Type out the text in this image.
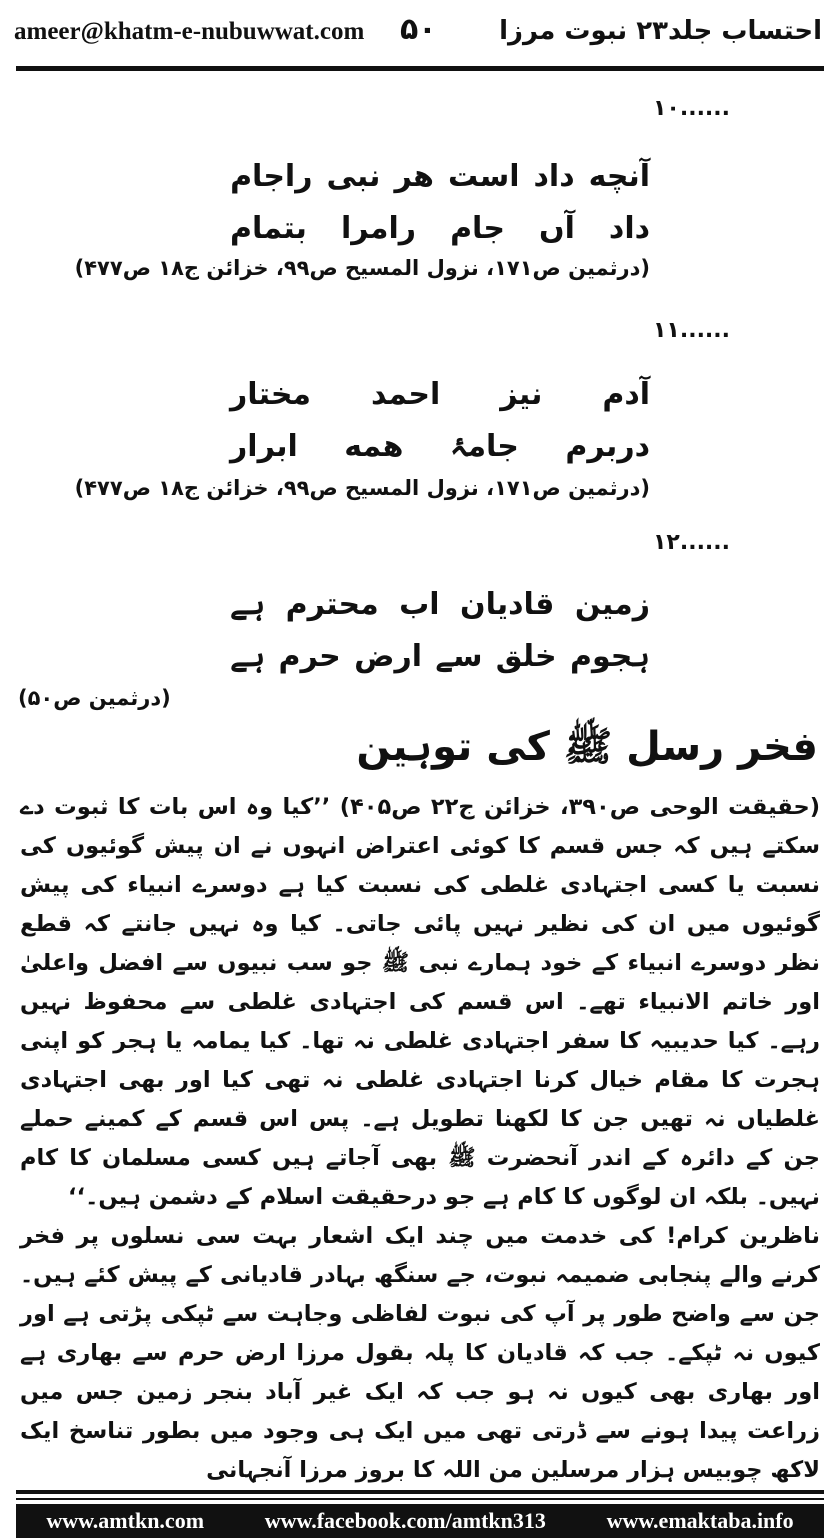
ameer@khatm-e-nubuwwat.com ۵۰ احتساب جلد۲۳ نبوت مرزا
۱۰......
آنچه
داد
است
هر
نبی
راجام
داد
آں
جام
رامرا
بتمام
(درثمین ص۱۷۱، نزول المسیح ص۹۹، خزائن ج۱۸ ص۴۷۷)
۱۱......
آدم
نیز
احمد
مختار
دربرم
جامۂ
همه
ابرار
(درثمین ص۱۷۱، نزول المسیح ص۹۹، خزائن ج۱۸ ص۴۷۷)
۱۲......
زمین
قادیان
اب
محترم
ہے
ہجوم
خلق
سے
ارض
حرم
ہے
(درثمین ص۵۰)
فخر رسل ﷺ کی توہین

(حقیقت الوحی ص۳۹۰، خزائن ج۲۲ ص۴۰۵) ’’کیا وہ اس بات کا ثبوت دے سکتے ہیں کہ جس قسم کا کوئی اعتراض انہوں نے ان پیش گوئیوں کی نسبت یا کسی اجتہادی غلطی کی نسبت کیا ہے دوسرے انبیاء کی پیش گوئیوں میں ان کی نظیر نہیں پائی جاتی۔ کیا وہ نہیں جانتے کہ قطع نظر دوسرے انبیاء کے خود ہمارے نبی ﷺ جو سب نبیوں سے افضل واعلیٰ اور خاتم الانبیاء تھے۔ اس قسم کی اجتہادی غلطی سے محفوظ نہیں رہے۔ کیا حدیبیہ کا سفر اجتہادی غلطی نہ تھا۔ کیا یمامہ یا ہجر کو اپنی ہجرت کا مقام خیال کرنا اجتہادی غلطی نہ تھی کیا اور بھی اجتہادی غلطیاں نہ تھیں جن کا لکھنا تطویل ہے۔ پس اس قسم کے کمینے حملے جن کے دائرہ کے اندر آنحضرت ﷺ بھی آجاتے ہیں کسی مسلمان کا کام نہیں۔ بلکہ ان لوگوں کا کام ہے جو درحقیقت اسلام کے دشمن ہیں۔‘‘

ناظرین کرام! کی خدمت میں چند ایک اشعار بہت سی نسلوں پر فخر کرنے والے پنجابی ضمیمہ نبوت، جے سنگھ بہادر قادیانی کے پیش کئے ہیں۔ جن سے واضح طور پر آپ کی نبوت لفاظی وجاہت سے ٹپکی پڑتی ہے اور کیوں نہ ٹپکے۔ جب کہ قادیان کا پلہ بقول مرزا ارض حرم سے بھاری ہے اور بھاری بھی کیوں نہ ہو جب کہ ایک غیر آباد بنجر زمین جس میں زراعت پیدا ہونے سے ڈرتی تھی میں ایک ہی وجود میں بطور تناسخ ایک لاکھ چوبیس ہزار مرسلین من اللہ کا بروز مرزا آنجہانی

www.amtkn.com	www.facebook.com/amtkn313	www.emaktaba.info
